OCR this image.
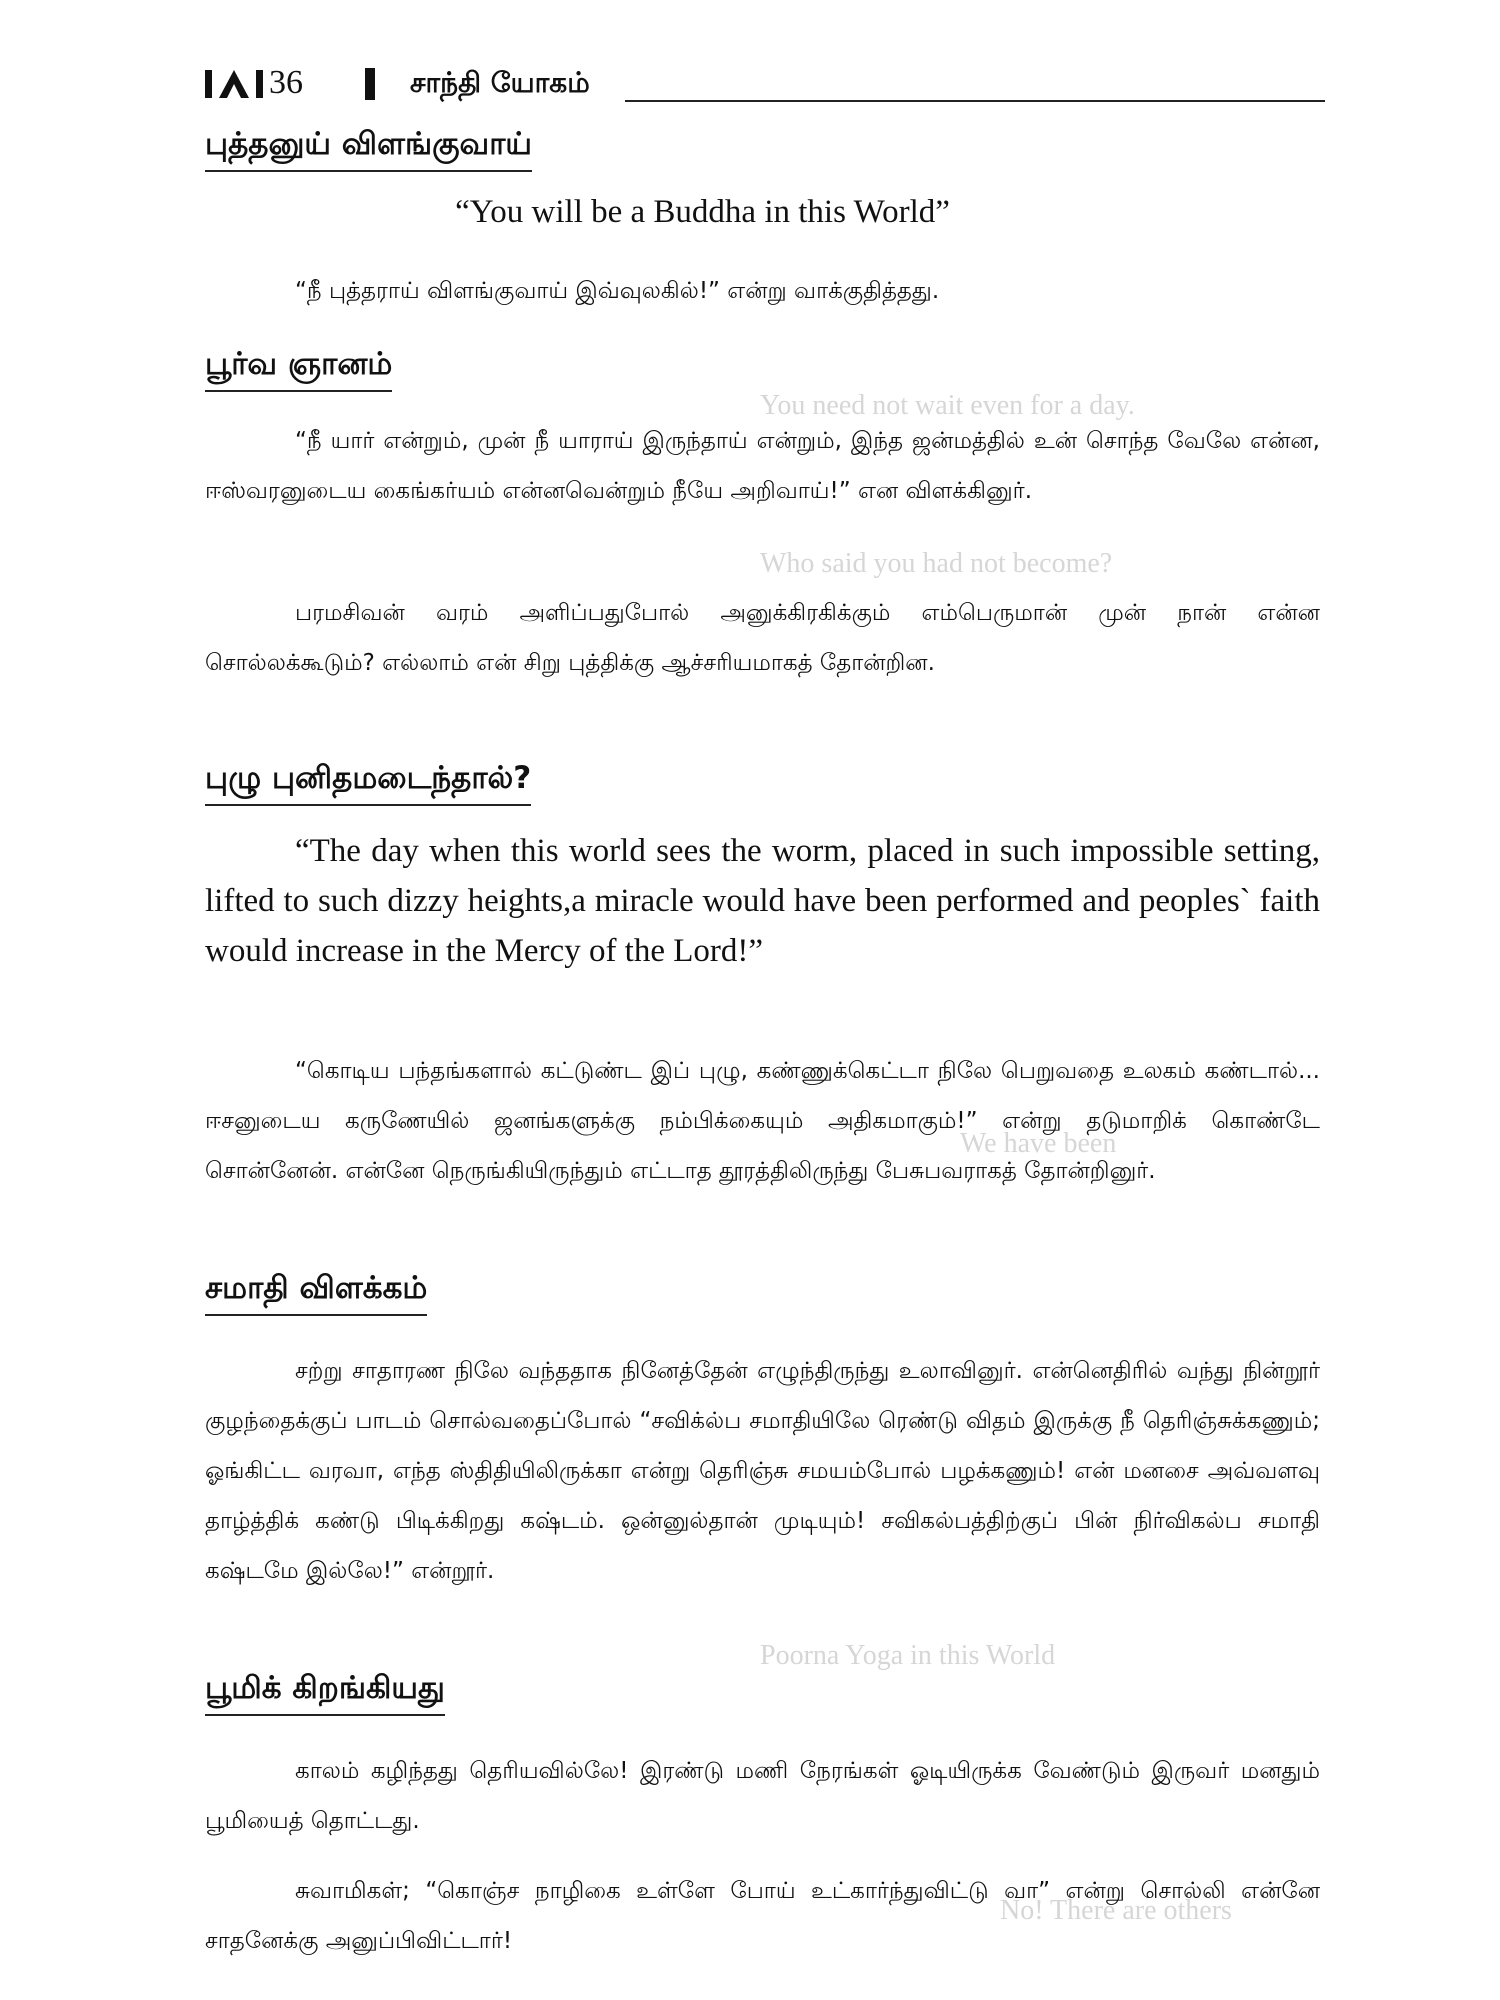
You need not wait even for a day.
Who said you had not become?
We have been
Poorna Yoga in this World
No! There are others
36	சாந்தி யோகம்
புத்தனுய் விளங்குவாய்
“You will be a Buddha in this World”
“நீ புத்தராய் விளங்குவாய் இவ்வுலகில்!” என்று வாக்குதித்தது.
பூர்வ ஞானம்
“நீ யார் என்றும், முன் நீ யாராய் இருந்தாய் என்றும், இந்த ஜன்மத்தில் உன் சொந்த வேலே என்ன, ஈஸ்வரனுடைய கைங்கர்யம் என்னவென்றும் நீயே அறிவாய்!” என விளக்கினுர்.
பரமசிவன் வரம் அளிப்பதுபோல் அனுக்கிரகிக்கும் எம்பெருமான் முன் நான் என்ன சொல்லக்கூடும்? எல்லாம் என் சிறு புத்திக்கு ஆச்சரியமாகத் தோன்றின.
புழு புனிதமடைந்தால்?
“The day when this world sees the worm, placed in such impossible setting, lifted to such dizzy heights,a miracle would have been performed and peoples` faith would increase in the Mercy of the Lord!”
“கொடிய பந்தங்களால் கட்டுண்ட இப் புழு, கண்ணுக்கெட்டா நிலே பெறுவதை உலகம் கண்டால்... ஈசனுடைய கருணேயில் ஜனங்களுக்கு நம்பிக்கையும் அதிகமாகும்!” என்று தடுமாறிக் கொண்டே சொன்னேன். என்னே நெருங்கியிருந்தும் எட்டாத தூரத்திலிருந்து பேசுபவராகத் தோன்றினுர்.
சமாதி விளக்கம்
சற்று சாதாரண நிலே வந்ததாக நினேத்தேன் எழுந்திருந்து உலாவினுர். என்னெதிரில் வந்து நின்றூர் குழந்தைக்குப் பாடம் சொல்வதைப்போல் “சவிக்ல்ப சமாதியிலே ரெண்டு விதம் இருக்கு நீ தெரிஞ்சுக்கணும்; ஓங்கிட்ட வரவா, எந்த ஸ்திதியிலிருக்கா என்று தெரிஞ்சு சமயம்போல் பழக்கணும்! என் மனசை அவ்வளவு தாழ்த்திக் கண்டு பிடிக்கிறது கஷ்டம். ஒன்னுல்தான் முடியும்! சவிகல்பத்திற்குப் பின் நிர்விகல்ப சமாதி கஷ்டமே இல்லே!” என்றூர்.
பூமிக் கிறங்கியது
காலம் கழிந்தது தெரியவில்லே! இரண்டு மணி நேரங்கள் ஓடியிருக்க வேண்டும் இருவர் மனதும் பூமியைத் தொட்டது.
சுவாமிகள்; “கொஞ்ச நாழிகை உள்ளே போய் உட்கார்ந்துவிட்டு வா” என்று சொல்லி என்னே சாதனேக்கு அனுப்பிவிட்டார்!
